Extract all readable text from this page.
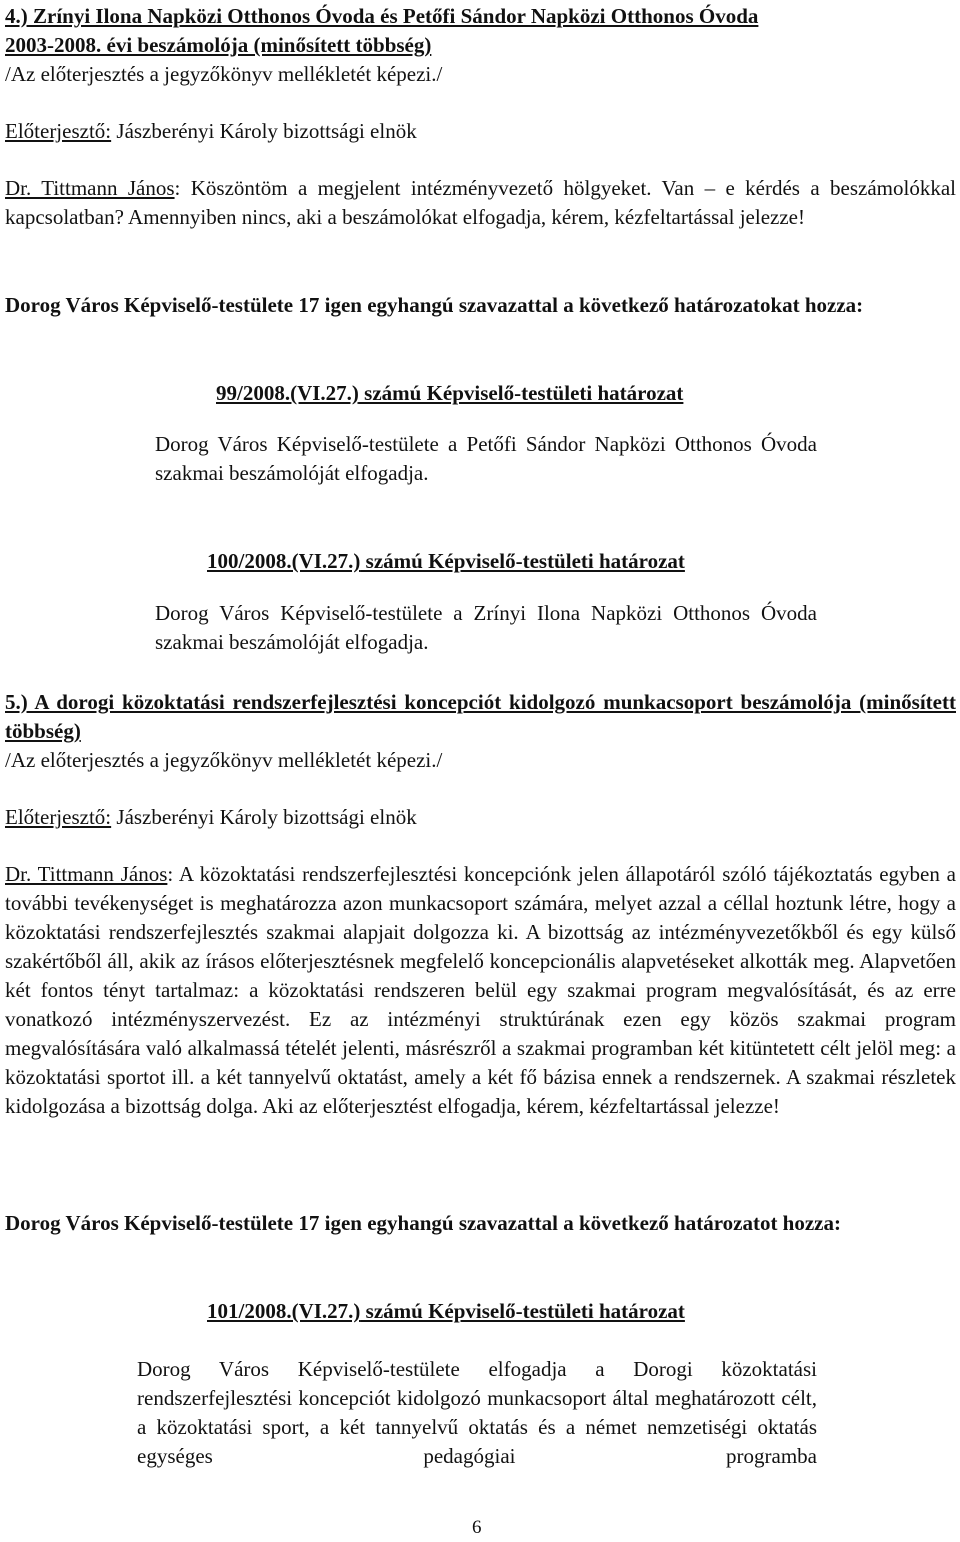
4.) Zrínyi Ilona Napközi Otthonos Óvoda és Petőfi Sándor Napközi Otthonos Óvoda

2003-2008. évi beszámolója (minősített többség)

/Az előterjesztés a jegyzőkönyv mellékletét képezi./

Előterjesztő: Jászberényi Károly bizottsági elnök

Dr. Tittmann János: Köszöntöm a megjelent intézményvezető hölgyeket. Van – e kérdés a beszámolókkal kapcsolatban? Amennyiben nincs, aki a beszámolókat elfogadja, kérem, kézfeltartással jelezze!

Dorog Város Képviselő-testülete 17 igen egyhangú szavazattal a következő határozatokat hozza:

99/2008.(VI.27.) számú Képviselő-testületi határozat

Dorog Város Képviselő-testülete a Petőfi Sándor Napközi Otthonos Óvoda szakmai beszámolóját elfogadja.

100/2008.(VI.27.) számú Képviselő-testületi határozat

Dorog Város Képviselő-testülete a Zrínyi Ilona Napközi Otthonos Óvoda szakmai beszámolóját elfogadja.

5.) A dorogi közoktatási rendszerfejlesztési koncepciót kidolgozó munkacsoport beszámolója (minősített többség)

/Az előterjesztés a jegyzőkönyv mellékletét képezi./

Előterjesztő: Jászberényi Károly bizottsági elnök

Dr. Tittmann János: A közoktatási rendszerfejlesztési koncepciónk jelen állapotáról szóló tájékoztatás egyben a további tevékenységet is meghatározza azon munkacsoport számára, melyet azzal a céllal hoztunk létre, hogy a közoktatási rendszerfejlesztés szakmai alapjait dolgozza ki. A bizottság az intézményvezetőkből és egy külső szakértőből áll, akik az írásos előterjesztésnek megfelelő koncepcionális alapvetéseket alkották meg. Alapvetően két fontos tényt tartalmaz: a közoktatási rendszeren belül egy szakmai program megvalósítását, és az erre vonatkozó intézményszervezést. Ez az intézményi struktúrának ezen egy közös szakmai program megvalósítására való alkalmassá tételét jelenti, másrészről a szakmai programban két kitüntetett célt jelöl meg: a közoktatási sportot ill. a két tannyelvű oktatást, amely a két fő bázisa ennek a rendszernek. A szakmai részletek kidolgozása a bizottság dolga. Aki az előterjesztést elfogadja, kérem, kézfeltartással jelezze!

Dorog Város Képviselő-testülete 17 igen egyhangú szavazattal a következő határozatot hozza:

101/2008.(VI.27.) számú Képviselő-testületi határozat

Dorog Város Képviselő-testülete elfogadja a Dorogi közoktatási rendszerfejlesztési koncepciót kidolgozó munkacsoport által meghatározott célt, a közoktatási sport, a két tannyelvű oktatás és a német nemzetiségi oktatás egységes pedagógiai programba

6
